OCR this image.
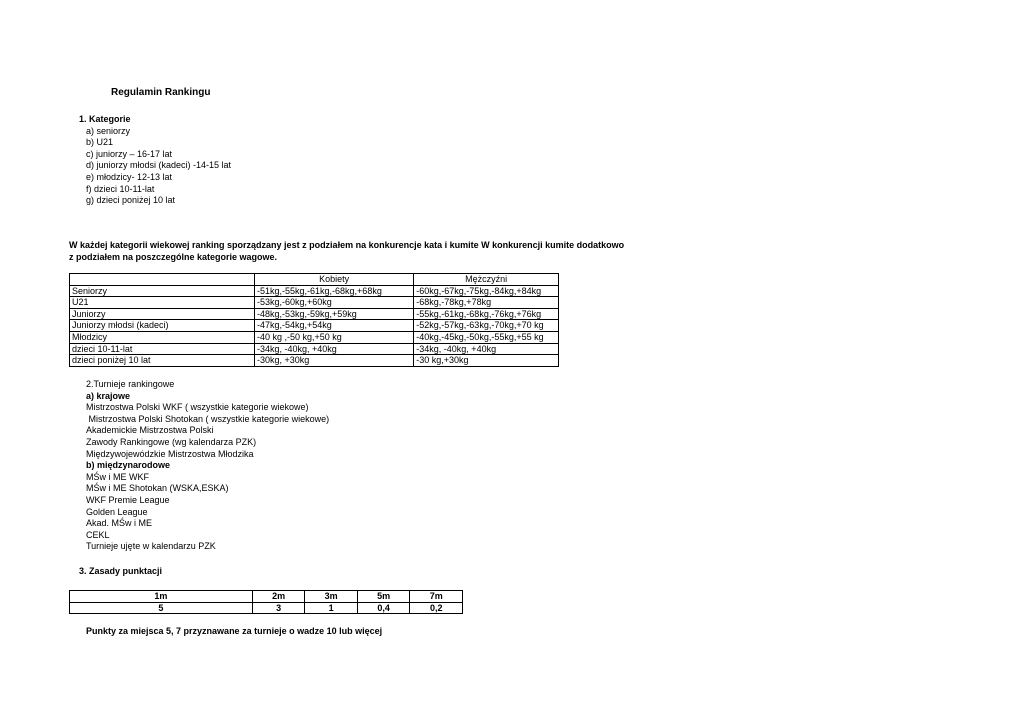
Regulamin Rankingu
1. Kategorie
a) seniorzy
b) U21
c) juniorzy – 16-17 lat
d) juniorzy młodsi (kadeci) -14-15 lat
e) młodzicy- 12-13 lat
f) dzieci 10-11-lat
g) dzieci poniżej 10 lat
W każdej kategorii wiekowej ranking sporządzany jest z podziałem na konkurencje kata i kumite W konkurencji kumite dodatkowo
z podziałem na poszczególne kategorie wagowe.
	Kobiety	Mężczyźni
Seniorzy	-51kg,-55kg,-61kg,-68kg,+68kg	-60kg,-67kg,-75kg,-84kg,+84kg
U21	-53kg,-60kg,+60kg	-68kg,-78kg,+78kg
Juniorzy	-48kg,-53kg,-59kg,+59kg	-55kg,-61kg,-68kg,-76kg,+76kg
Juniorzy młodsi (kadeci)	-47kg,-54kg,+54kg	-52kg,-57kg,-63kg,-70kg,+70 kg
Młodzicy	-40 kg ,-50 kg,+50 kg	-40kg,-45kg,-50kg,-55kg,+55 kg
dzieci 10-11-lat	-34kg, -40kg, +40kg	-34kg, -40kg, +40kg
dzieci poniżej 10 lat	-30kg, +30kg	-30 kg,+30kg
2.Turnieje rankingowe
a) krajowe
Mistrzostwa Polski WKF ( wszystkie kategorie wiekowe)
Mistrzostwa Polski Shotokan ( wszystkie kategorie wiekowe)
Akademickie Mistrzostwa Polski
Zawody Rankingowe (wg kalendarza PZK)
Międzywojewódzkie Mistrzostwa Młodzika
b) międzynarodowe
MŚw i ME WKF
MŚw i ME Shotokan (WSKA,ESKA)
WKF Premie League
Golden League
Akad. MŚw i ME
CEKL
Turnieje ujęte w kalendarzu PZK
3. Zasady punktacji
1m	2m	3m	5m	7m
5	3	1	0,4	0,2
Punkty za miejsca 5, 7 przyznawane za turnieje o wadze 10 lub więcej
